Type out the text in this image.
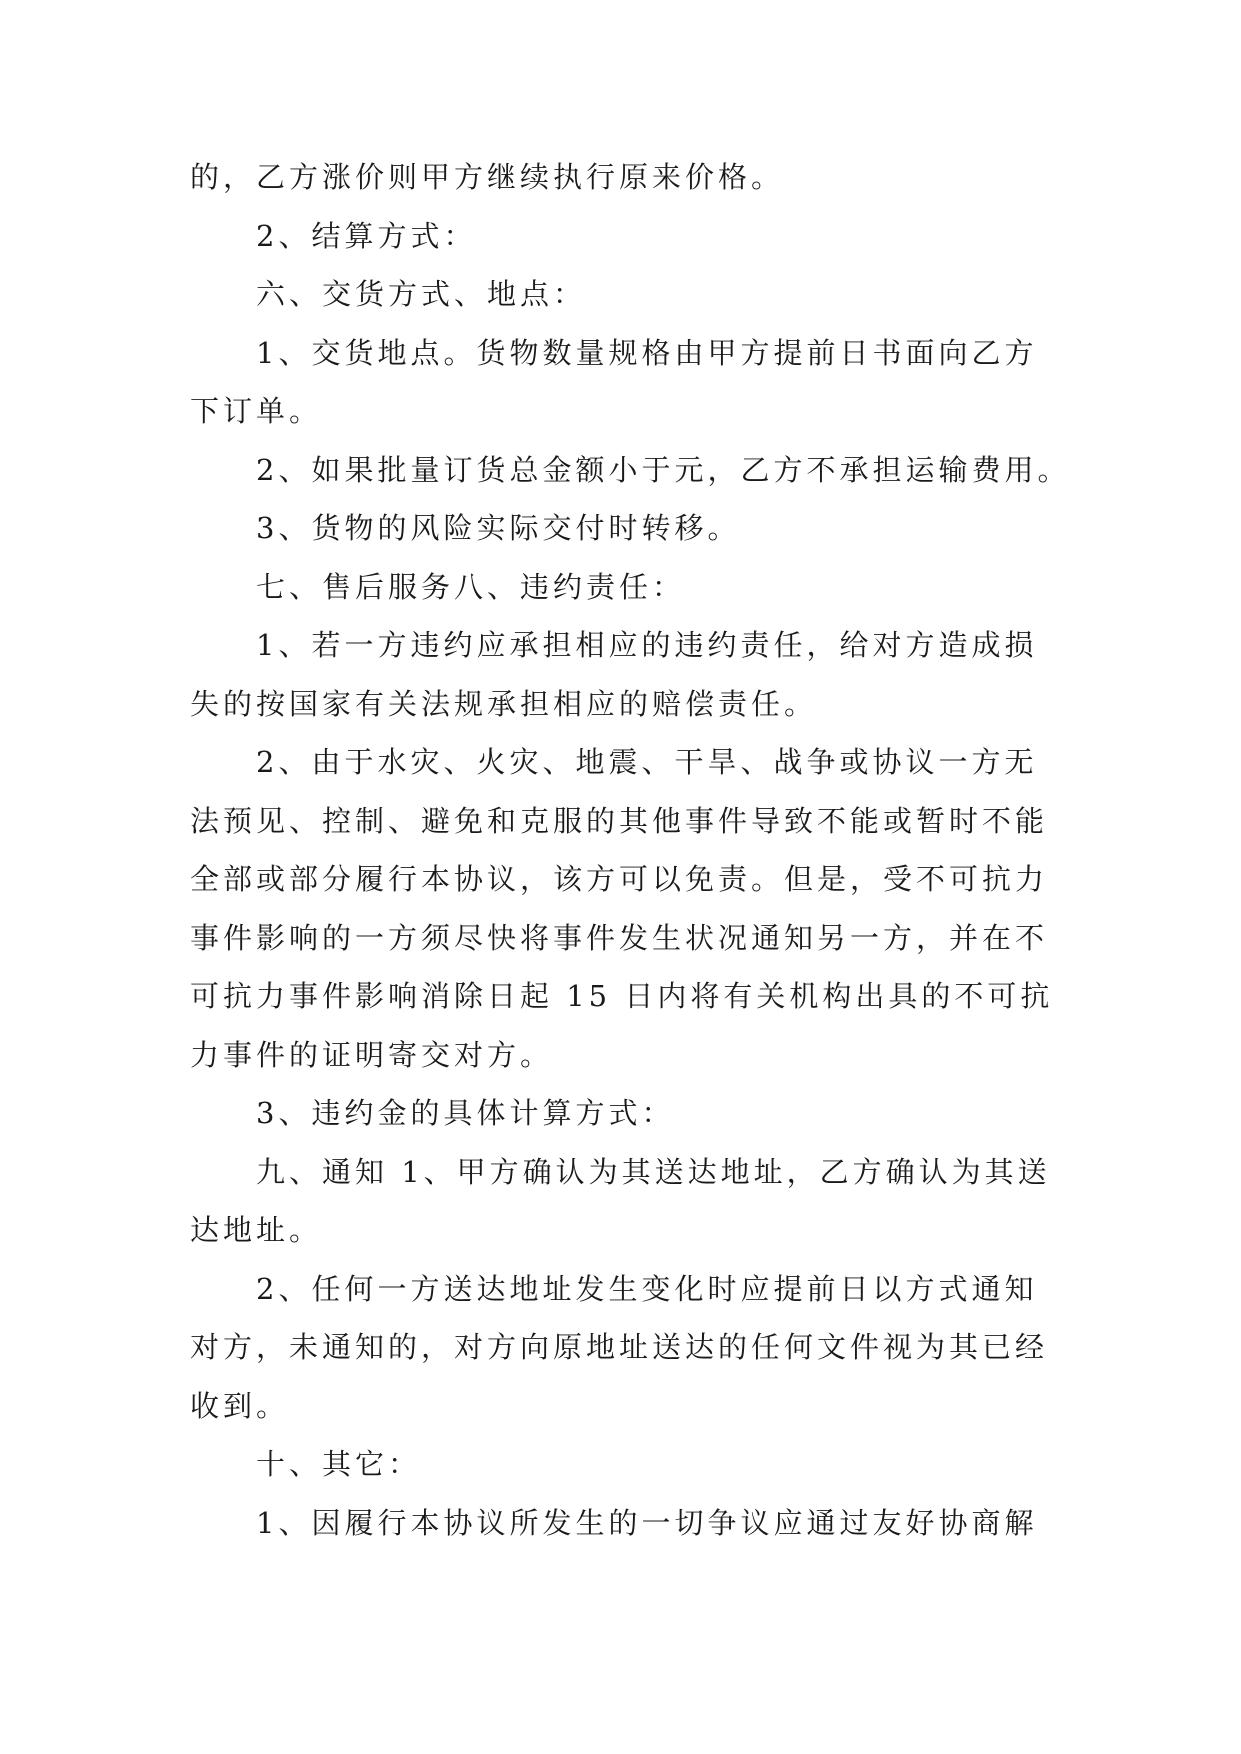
的，乙方涨价则甲方继续执行原来价格。
2、结算方式：
六、交货方式、地点：
1、交货地点。货物数量规格由甲方提前日书面向乙方
下订单。
2、如果批量订货总金额小于元，乙方不承担运输费用。
3、货物的风险实际交付时转移。
七、售后服务八、违约责任：
1、若一方违约应承担相应的违约责任，给对方造成损
失的按国家有关法规承担相应的赔偿责任。
2、由于水灾、火灾、地震、干旱、战争或协议一方无
法预见、控制、避免和克服的其他事件导致不能或暂时不能
全部或部分履行本协议，该方可以免责。但是，受不可抗力
事件影响的一方须尽快将事件发生状况通知另一方，并在不
可抗力事件影响消除日起 15 日内将有关机构出具的不可抗
力事件的证明寄交对方。
3、违约金的具体计算方式：
九、通知 1、甲方确认为其送达地址，乙方确认为其送
达地址。
2、任何一方送达地址发生变化时应提前日以方式通知
对方，未通知的，对方向原地址送达的任何文件视为其已经
收到。
十、其它：
1、因履行本协议所发生的一切争议应通过友好协商解
